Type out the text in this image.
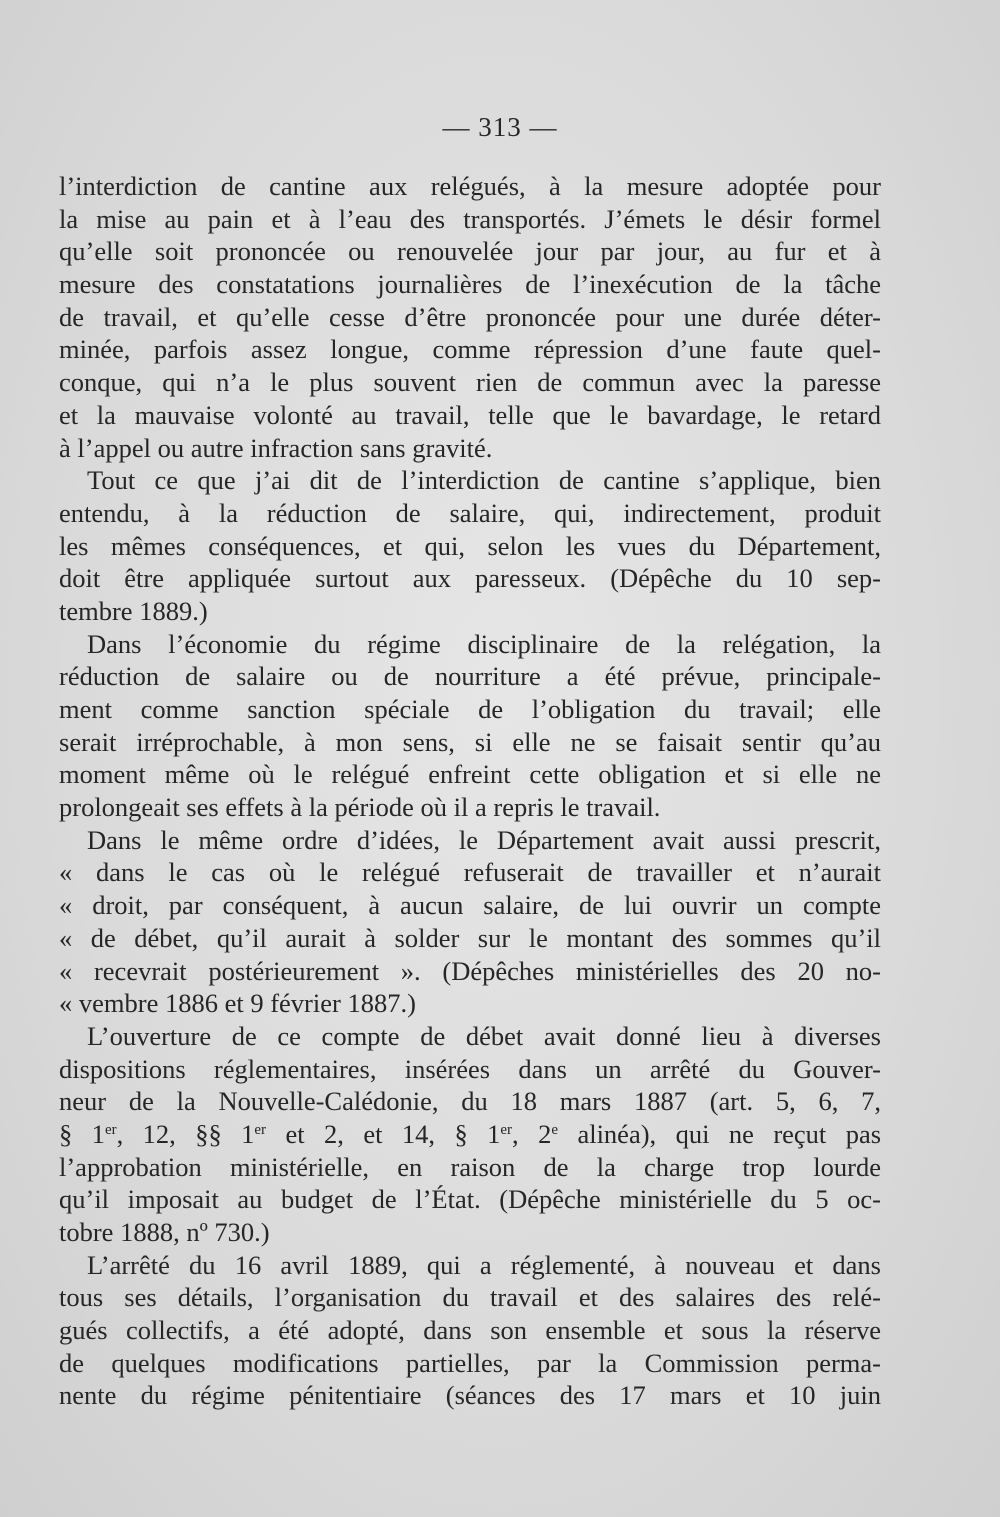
— 313 —
l’interdiction de cantine aux relégués, à la mesure adoptée pour
la mise au pain et à l’eau des transportés. J’émets le désir formel
qu’elle soit prononcée ou renouvelée jour par jour, au fur et à
mesure des constatations journalières de l’inexécution de la tâche
de travail, et qu’elle cesse d’être prononcée pour une durée déter-
minée, parfois assez longue, comme répression d’une faute quel-
conque, qui n’a le plus souvent rien de commun avec la paresse
et la mauvaise volonté au travail, telle que le bavardage, le retard
à l’appel ou autre infraction sans gravité.
Tout ce que j’ai dit de l’interdiction de cantine s’applique, bien
entendu, à la réduction de salaire, qui, indirectement, produit
les mêmes conséquences, et qui, selon les vues du Département,
doit être appliquée surtout aux paresseux. (Dépêche du 10 sep-
tembre 1889.)
Dans l’économie du régime disciplinaire de la relégation, la
réduction de salaire ou de nourriture a été prévue, principale-
ment comme sanction spéciale de l’obligation du travail; elle
serait irréprochable, à mon sens, si elle ne se faisait sentir qu’au
moment même où le relégué enfreint cette obligation et si elle ne
prolongeait ses effets à la période où il a repris le travail.
Dans le même ordre d’idées, le Département avait aussi prescrit,
« dans le cas où le relégué refuserait de travailler et n’aurait
« droit, par conséquent, à aucun salaire, de lui ouvrir un compte
« de débet, qu’il aurait à solder sur le montant des sommes qu’il
« recevrait postérieurement ». (Dépêches ministérielles des 20 no-
« vembre 1886 et 9 février 1887.)
L’ouverture de ce compte de débet avait donné lieu à diverses
dispositions réglementaires, insérées dans un arrêté du Gouver-
neur de la Nouvelle-Calédonie, du 18 mars 1887 (art. 5, 6, 7,
§ 1er, 12, §§ 1er et 2, et 14, § 1er, 2e alinéa), qui ne reçut pas
l’approbation ministérielle, en raison de la charge trop lourde
qu’il imposait au budget de l’État. (Dépêche ministérielle du 5 oc-
tobre 1888, nº 730.)
L’arrêté du 16 avril 1889, qui a réglementé, à nouveau et dans
tous ses détails, l’organisation du travail et des salaires des relé-
gués collectifs, a été adopté, dans son ensemble et sous la réserve
de quelques modifications partielles, par la Commission perma-
nente du régime pénitentiaire (séances des 17 mars et 10 juin
